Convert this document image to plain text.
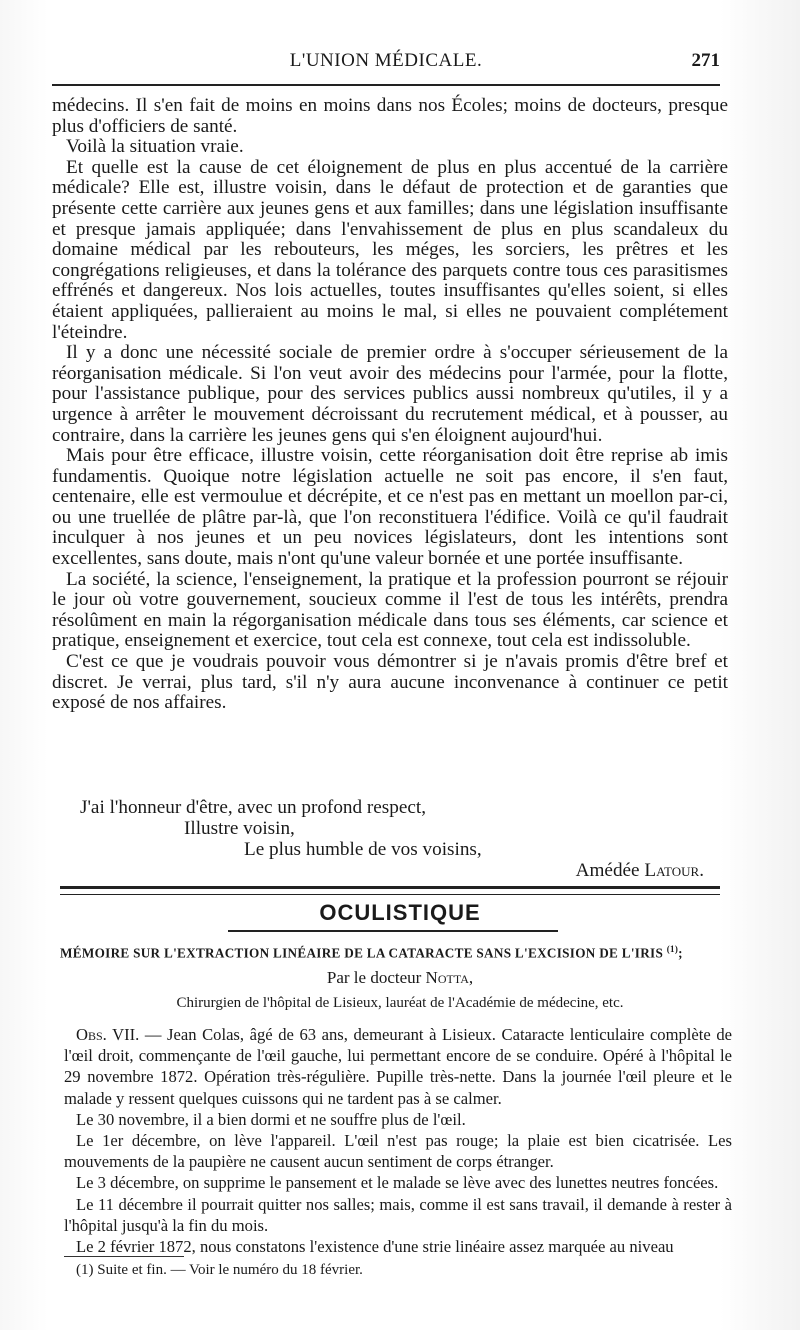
L'UNION MÉDICALE.	271

médecins. Il s'en fait de moins en moins dans nos Écoles; moins de docteurs, presque plus d'officiers de santé.

Voilà la situation vraie.

Et quelle est la cause de cet éloignement de plus en plus accentué de la carrière médicale? Elle est, illustre voisin, dans le défaut de protection et de garanties que présente cette carrière aux jeunes gens et aux familles; dans une législation insuffisante et presque jamais appliquée; dans l'envahissement de plus en plus scandaleux du domaine médical par les rebouteurs, les méges, les sorciers, les prêtres et les congrégations religieuses, et dans la tolérance des parquets contre tous ces parasitismes effrénés et dangereux. Nos lois actuelles, toutes insuffisantes qu'elles soient, si elles étaient appliquées, pallieraient au moins le mal, si elles ne pouvaient complétement l'éteindre.

Il y a donc une nécessité sociale de premier ordre à s'occuper sérieusement de la réorganisation médicale. Si l'on veut avoir des médecins pour l'armée, pour la flotte, pour l'assistance publique, pour des services publics aussi nombreux qu'utiles, il y a urgence à arrêter le mouvement décroissant du recrutement médical, et à pousser, au contraire, dans la carrière les jeunes gens qui s'en éloignent aujourd'hui.

Mais pour être efficace, illustre voisin, cette réorganisation doit être reprise ab imis fundamentis. Quoique notre législation actuelle ne soit pas encore, il s'en faut, centenaire, elle est vermoulue et décrépite, et ce n'est pas en mettant un moellon par-ci, ou une truellée de plâtre par-là, que l'on reconstituera l'édifice. Voilà ce qu'il faudrait inculquer à nos jeunes et un peu novices législateurs, dont les intentions sont excellentes, sans doute, mais n'ont qu'une valeur bornée et une portée insuffisante.

La société, la science, l'enseignement, la pratique et la profession pourront se réjouir le jour où votre gouvernement, soucieux comme il l'est de tous les intérêts, prendra résolûment en main la régorganisation médicale dans tous ses éléments, car science et pratique, enseignement et exercice, tout cela est connexe, tout cela est indissoluble.

C'est ce que je voudrais pouvoir vous démontrer si je n'avais promis d'être bref et discret. Je verrai, plus tard, s'il n'y aura aucune inconvenance à continuer ce petit exposé de nos affaires.

J'ai l'honneur d'être, avec un profond respect,
Illustre voisin,
Le plus humble de vos voisins,
Amédée Latour.
OCULISTIQUE
MÉMOIRE SUR L'EXTRACTION LINÉAIRE DE LA CATARACTE SANS L'EXCISION DE L'IRIS $^{(1)}$;
Par le docteur Notta,
Chirurgien de l'hôpital de Lisieux, lauréat de l'Académie de médecine, etc.

Obs. VII. — Jean Colas, âgé de 63 ans, demeurant à Lisieux. Cataracte lenticulaire complète de l'œil droit, commençante de l'œil gauche, lui permettant encore de se conduire. Opéré à l'hôpital le 29 novembre 1872. Opération très-régulière. Pupille très-nette. Dans la journée l'œil pleure et le malade y ressent quelques cuissons qui ne tardent pas à se calmer.

Le 30 novembre, il a bien dormi et ne souffre plus de l'œil.

Le 1er décembre, on lève l'appareil. L'œil n'est pas rouge; la plaie est bien cicatrisée. Les mouvements de la paupière ne causent aucun sentiment de corps étranger.

Le 3 décembre, on supprime le pansement et le malade se lève avec des lunettes neutres foncées.

Le 11 décembre il pourrait quitter nos salles; mais, comme il est sans travail, il demande à rester à l'hôpital jusqu'à la fin du mois.

Le 2 février 1872, nous constatons l'existence d'une strie linéaire assez marquée au niveau

(1) Suite et fin. — Voir le numéro du 18 février.
